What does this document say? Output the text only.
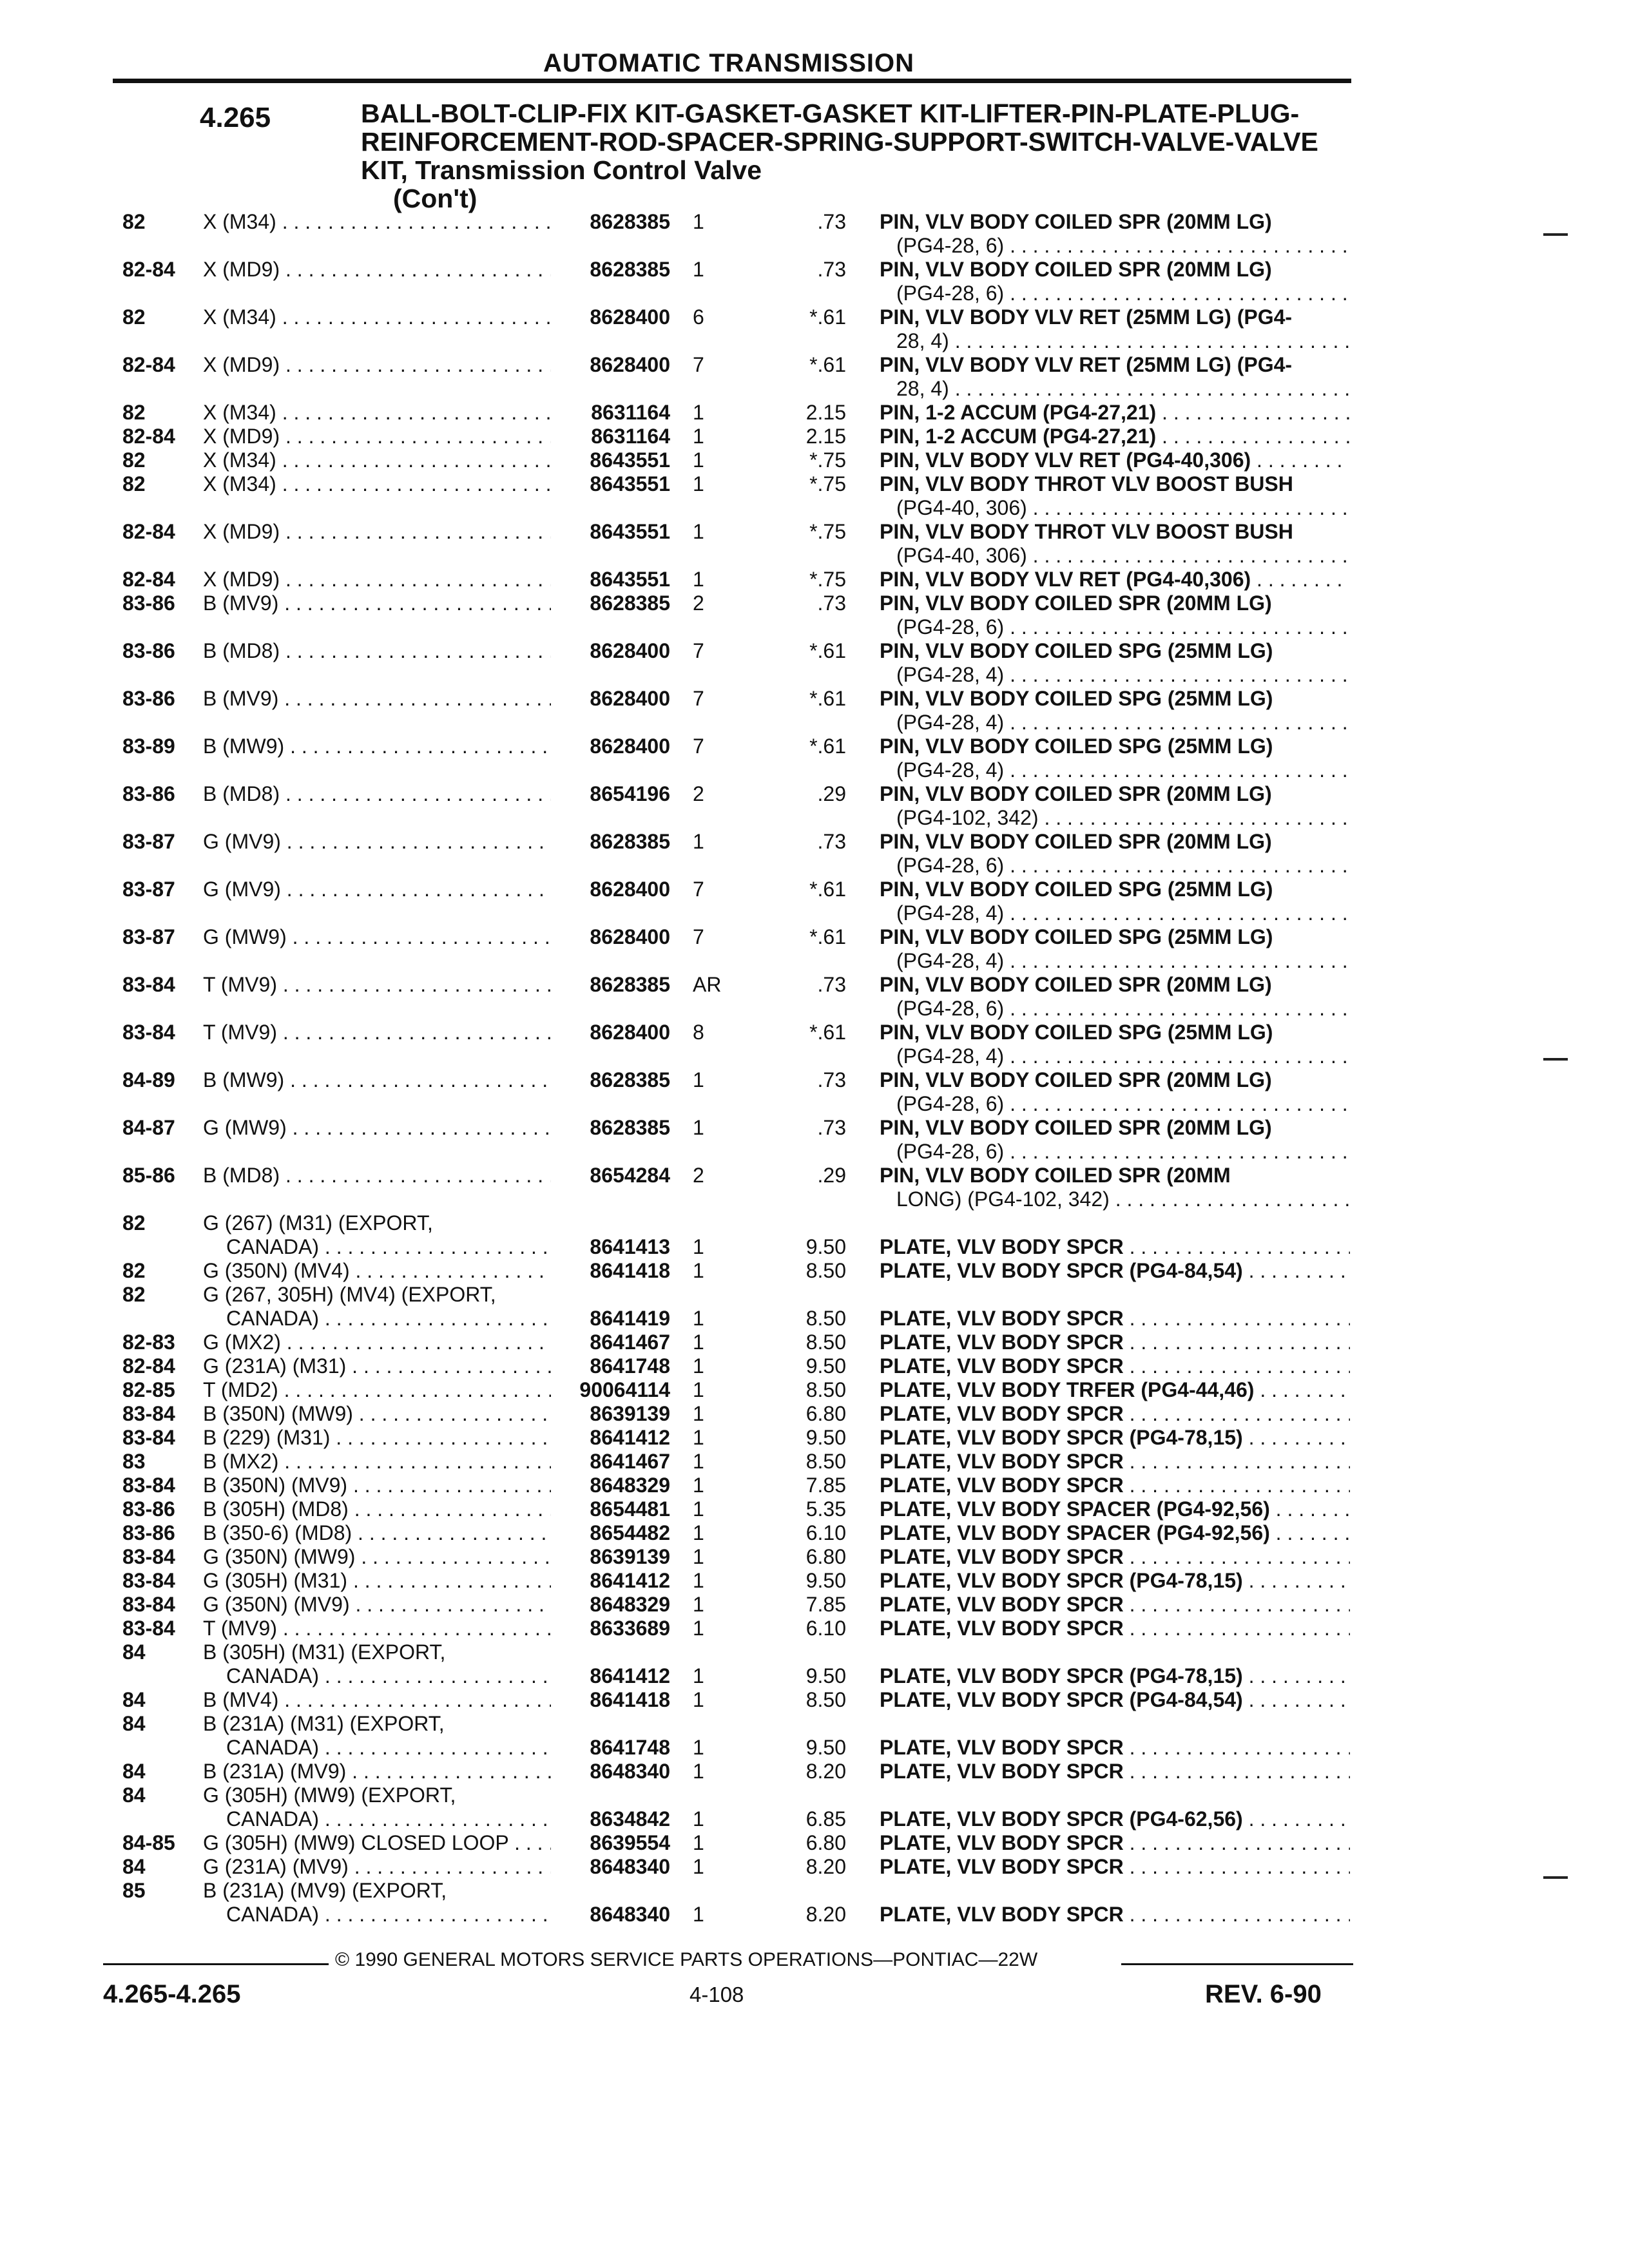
AUTOMATIC TRANSMISSION
4.265	BALL-BOLT-CLIP-FIX KIT-GASKET-GASKET KIT-LIFTER-PIN-PLATE-PLUG-REINFORCEMENT-ROD-SPACER-SPRING-SUPPORT-SWITCH-VALVE-VALVE KIT, Transmission Control Valve
(Con't)
82	X (M34) . . .	8628385 1	.73 PIN, VLV BODY COILED SPR (20MM LG)
(PG4-28, 6) . . .
82-84	X (MD9) . . .	8628385 1	.73 PIN, VLV BODY COILED SPR (20MM LG)
(PG4-28, 6) . . .
82	X (M34) . . .	8628400 6	*.61 PIN, VLV BODY VLV RET (25MM LG) (PG4-
28, 4) . . .
82-84	X (MD9) . . .	8628400 7	*.61 PIN, VLV BODY VLV RET (25MM LG) (PG4-
28, 4) . . .
82	X (M34) . . .	8631164 1	2.15 PIN, 1-2 ACCUM (PG4-27,21) . . .
82-84	X (MD9) . . .	8631164 1	2.15 PIN, 1-2 ACCUM (PG4-27,21) . . .
82	X (M34) . . .	8643551 1	*.75 PIN, VLV BODY VLV RET (PG4-40,306) . . .
82	X (M34) . . .	8643551 1	*.75 PIN, VLV BODY THROT VLV BOOST BUSH
(PG4-40, 306) . . .
82-84	X (MD9) . . .	8643551 1	*.75 PIN, VLV BODY THROT VLV BOOST BUSH
(PG4-40, 306) . . .
82-84	X (MD9) . . .	8643551 1	*.75 PIN, VLV BODY VLV RET (PG4-40,306) . . .
83-86	B (MV9) . . .	8628385 2	.73 PIN, VLV BODY COILED SPR (20MM LG)
(PG4-28, 6) . . .
83-86	B (MD8) . . .	8628400 7	*.61 PIN, VLV BODY COILED SPG (25MM LG)
(PG4-28, 4) . . .
83-86	B (MV9) . . .	8628400 7	*.61 PIN, VLV BODY COILED SPG (25MM LG)
(PG4-28, 4) . . .
83-89	B (MW9) . . .	8628400 7	*.61 PIN, VLV BODY COILED SPG (25MM LG)
(PG4-28, 4) . . .
83-86	B (MD8) . . .	8654196 2	.29 PIN, VLV BODY COILED SPR (20MM LG)
(PG4-102, 342) . . .
83-87	G (MV9) . . .	8628385 1	.73 PIN, VLV BODY COILED SPR (20MM LG)
(PG4-28, 6) . . .
83-87	G (MV9) . . .	8628400 7	*.61 PIN, VLV BODY COILED SPG (25MM LG)
(PG4-28, 4) . . .
83-87	G (MW9) . . .	8628400 7	*.61 PIN, VLV BODY COILED SPG (25MM LG)
(PG4-28, 4) . . .
83-84	T (MV9) . . .	8628385 AR	.73 PIN, VLV BODY COILED SPR (20MM LG)
(PG4-28, 6) . . .
83-84	T (MV9) . . .	8628400 8	*.61 PIN, VLV BODY COILED SPG (25MM LG)
(PG4-28, 4) . . .
84-89	B (MW9) . . .	8628385 1	.73 PIN, VLV BODY COILED SPR (20MM LG)
(PG4-28, 6) . . .
84-87	G (MW9) . . .	8628385 1	.73 PIN, VLV BODY COILED SPR (20MM LG)
(PG4-28, 6) . . .
85-86	B (MD8) . . .	8654284 2	.29 PIN, VLV BODY COILED SPR (20MM
LONG) (PG4-102, 342) . . .
82	G (267) (M31) (EXPORT,
CANADA) . . .	8641413 1	9.50 PLATE, VLV BODY SPCR . . .
82	G (350N) (MV4) . . .	8641418 1	8.50 PLATE, VLV BODY SPCR (PG4-84,54) . . .
82	G (267, 305H) (MV4) (EXPORT,
CANADA) . . .	8641419 1	8.50 PLATE, VLV BODY SPCR . . .
82-83	G (MX2) . . .	8641467 1	8.50 PLATE, VLV BODY SPCR . . .
82-84	G (231A) (M31) . . .	8641748 1	9.50 PLATE, VLV BODY SPCR . . .
82-85	T (MD2) . . .	90064114 1	8.50 PLATE, VLV BODY TRFER (PG4-44,46) . . .
83-84	B (350N) (MW9) . . .	8639139 1	6.80 PLATE, VLV BODY SPCR . . .
83-84	B (229) (M31) . . .	8641412 1	9.50 PLATE, VLV BODY SPCR (PG4-78,15) . . .
83	B (MX2) . . .	8641467 1	8.50 PLATE, VLV BODY SPCR . . .
83-84	B (350N) (MV9) . . .	8648329 1	7.85 PLATE, VLV BODY SPCR . . .
83-86	B (305H) (MD8) . . .	8654481 1	5.35 PLATE, VLV BODY SPACER (PG4-92,56) . . .
83-86	B (350-6) (MD8) . . .	8654482 1	6.10 PLATE, VLV BODY SPACER (PG4-92,56) . . .
83-84	G (350N) (MW9) . . .	8639139 1	6.80 PLATE, VLV BODY SPCR . . .
83-84	G (305H) (M31) . . .	8641412 1	9.50 PLATE, VLV BODY SPCR (PG4-78,15) . . .
83-84	G (350N) (MV9) . . .	8648329 1	7.85 PLATE, VLV BODY SPCR . . .
83-84	T (MV9) . . .	8633689 1	6.10 PLATE, VLV BODY SPCR . . .
84	B (305H) (M31) (EXPORT,
CANADA) . . .	8641412 1	9.50 PLATE, VLV BODY SPCR (PG4-78,15) . . .
84	B (MV4) . . .	8641418 1	8.50 PLATE, VLV BODY SPCR (PG4-84,54) . . .
84	B (231A) (M31) (EXPORT,
CANADA) . . .	8641748 1	9.50 PLATE, VLV BODY SPCR . . .
84	B (231A) (MV9) . . .	8648340 1	8.20 PLATE, VLV BODY SPCR . . .
84	G (305H) (MW9) (EXPORT,
CANADA) . . .	8634842 1	6.85 PLATE, VLV BODY SPCR (PG4-62,56) . . .
84-85	G (305H) (MW9) CLOSED LOOP . . .	8639554 1	6.80 PLATE, VLV BODY SPCR . . .
84	G (231A) (MV9) . . .	8648340 1	8.20 PLATE, VLV BODY SPCR . . .
85	B (231A) (MV9) (EXPORT,
CANADA) . . .	8648340 1	8.20 PLATE, VLV BODY SPCR . . .
© 1990 GENERAL MOTORS SERVICE PARTS OPERATIONS—PONTIAC—22W
4.265-4.265	4-108	REV. 6-90
